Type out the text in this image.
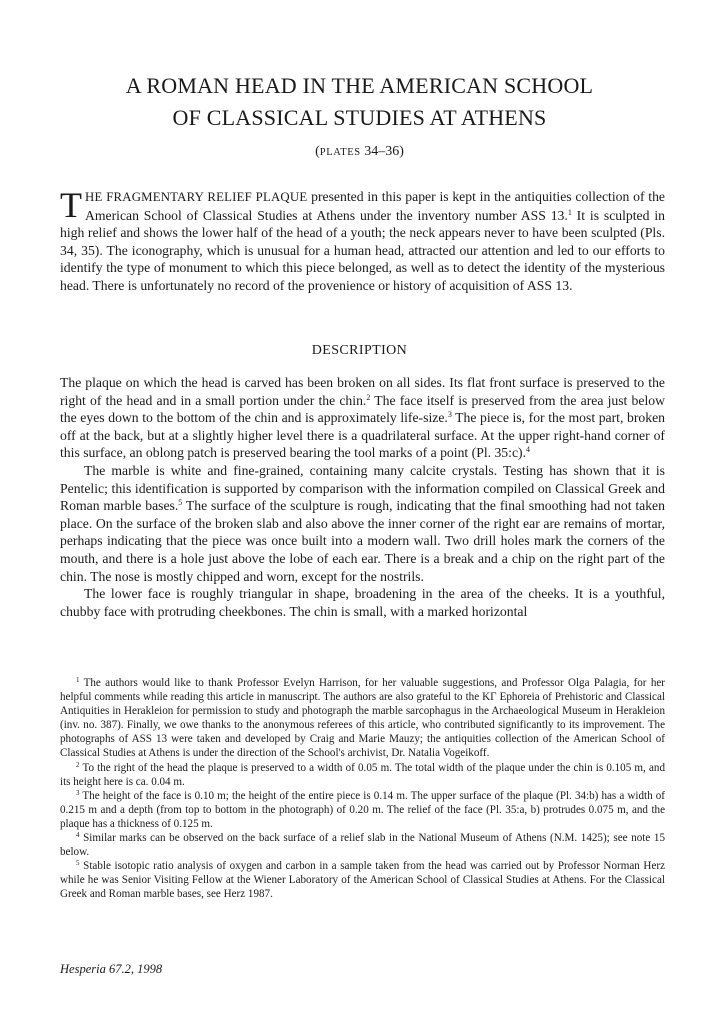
A ROMAN HEAD IN THE AMERICAN SCHOOL
OF CLASSICAL STUDIES AT ATHENS
(PLATES 34–36)

THE FRAGMENTARY RELIEF PLAQUE presented in this paper is kept in the antiquities collection of the American School of Classical Studies at Athens under the inventory number ASS 13.$^1$ It is sculpted in high relief and shows the lower half of the head of a youth; the neck appears never to have been sculpted (Pls. 34, 35). The iconography, which is unusual for a human head, attracted our attention and led to our efforts to identify the type of monument to which this piece belonged, as well as to detect the identity of the mysterious head. There is unfortunately no record of the provenience or history of acquisition of ASS 13.

DESCRIPTION

The plaque on which the head is carved has been broken on all sides. Its flat front surface is preserved to the right of the head and in a small portion under the chin.$^2$ The face itself is preserved from the area just below the eyes down to the bottom of the chin and is approximately life-size.$^3$ The piece is, for the most part, broken off at the back, but at a slightly higher level there is a quadrilateral surface. At the upper right-hand corner of this surface, an oblong patch is preserved bearing the tool marks of a point (Pl. 35:c).$^4$

The marble is white and fine-grained, containing many calcite crystals. Testing has shown that it is Pentelic; this identification is supported by comparison with the information compiled on Classical Greek and Roman marble bases.$^5$ The surface of the sculpture is rough, indicating that the final smoothing had not taken place. On the surface of the broken slab and also above the inner corner of the right ear are remains of mortar, perhaps indicating that the piece was once built into a modern wall. Two drill holes mark the corners of the mouth, and there is a hole just above the lobe of each ear. There is a break and a chip on the right part of the chin. The nose is mostly chipped and worn, except for the nostrils.

The lower face is roughly triangular in shape, broadening in the area of the cheeks. It is a youthful, chubby face with protruding cheekbones. The chin is small, with a marked horizontal

$^1$ The authors would like to thank Professor Evelyn Harrison, for her valuable suggestions, and Professor Olga Palagia, for her helpful comments while reading this article in manuscript. The authors are also grateful to the ΚΓ Ephoreia of Prehistoric and Classical Antiquities in Herakleion for permission to study and photograph the marble sarcophagus in the Archaeological Museum in Herakleion (inv. no. 387). Finally, we owe thanks to the anonymous referees of this article, who contributed significantly to its improvement. The photographs of ASS 13 were taken and developed by Craig and Marie Mauzy; the antiquities collection of the American School of Classical Studies at Athens is under the direction of the School's archivist, Dr. Natalia Vogeikoff.

$^2$ To the right of the head the plaque is preserved to a width of 0.05 m. The total width of the plaque under the chin is 0.105 m, and its height here is ca. 0.04 m.

$^3$ The height of the face is 0.10 m; the height of the entire piece is 0.14 m. The upper surface of the plaque (Pl. 34:b) has a width of 0.215 m and a depth (from top to bottom in the photograph) of 0.20 m. The relief of the face (Pl. 35:a, b) protrudes 0.075 m, and the plaque has a thickness of 0.125 m.

$^4$ Similar marks can be observed on the back surface of a relief slab in the National Museum of Athens (N.M. 1425); see note 15 below.

$^5$ Stable isotopic ratio analysis of oxygen and carbon in a sample taken from the head was carried out by Professor Norman Herz while he was Senior Visiting Fellow at the Wiener Laboratory of the American School of Classical Studies at Athens. For the Classical Greek and Roman marble bases, see Herz 1987.

Hesperia 67.2, 1998
